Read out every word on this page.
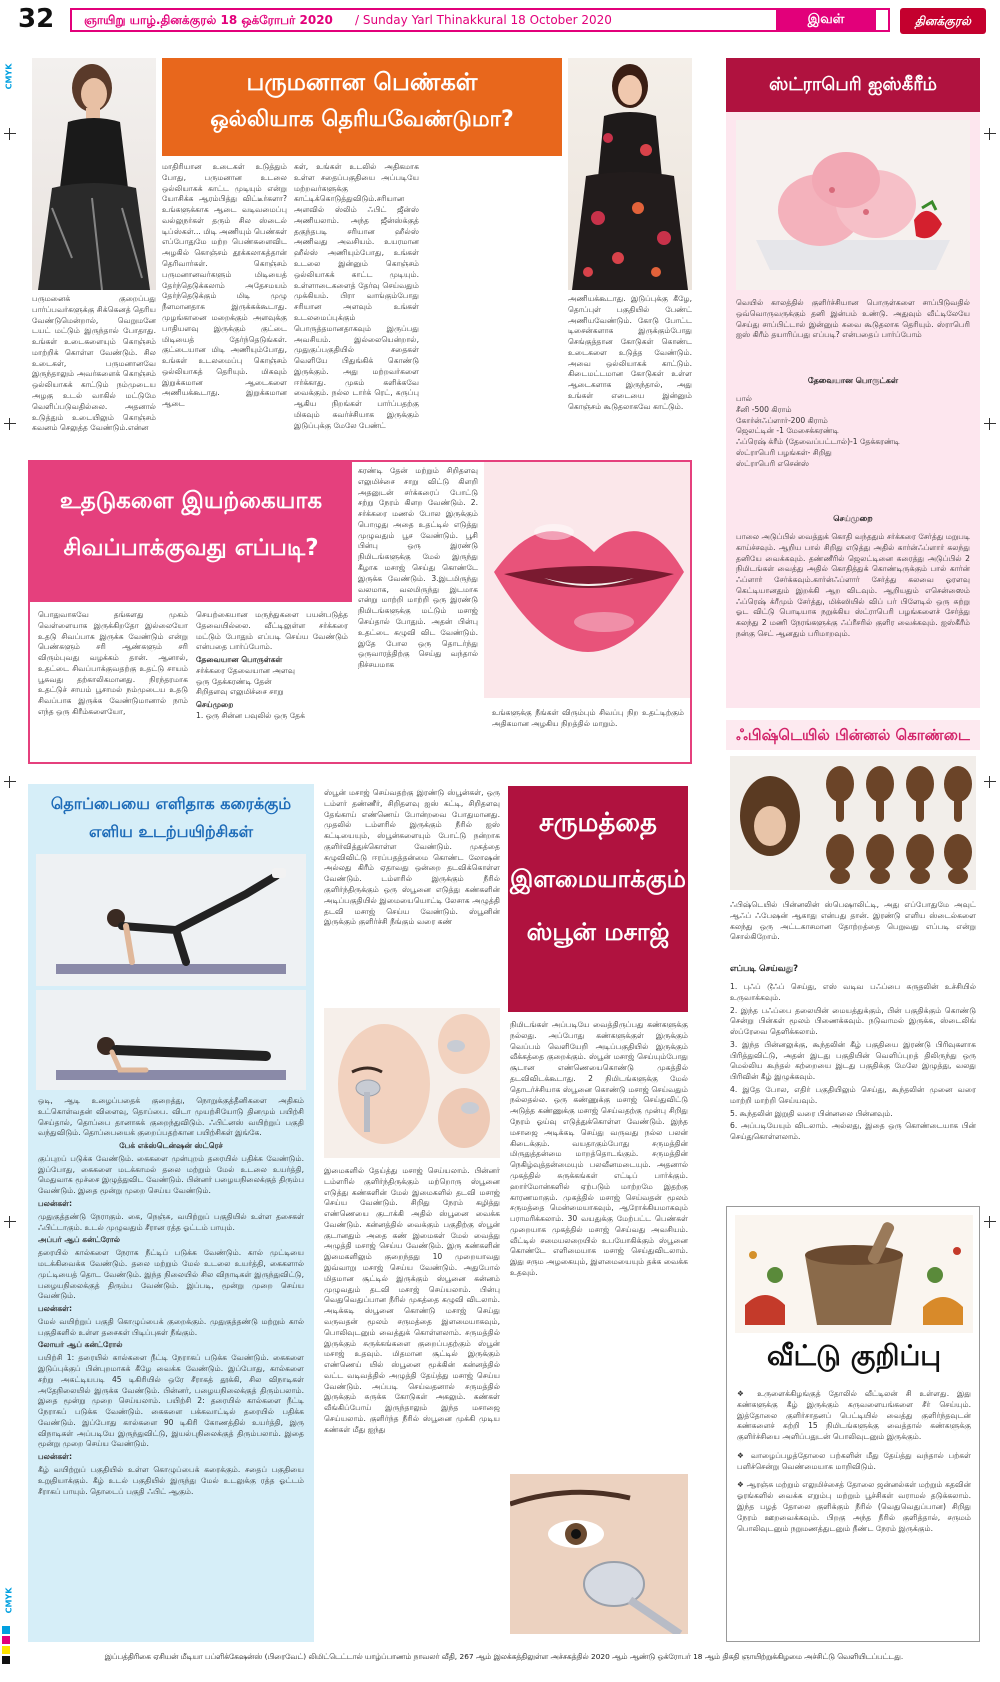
32 ஞாயிறு யாழ்.தினக்குரல் 18 ஒக்ரோபர் 2020 / Sunday Yarl Thinakkural 18 October 2020	இவள்	தினக்குரல்
CMYK
CMYK
பருமனான பெண்கள்
ஒல்லியாக தெரியவேண்டுமா?
பருமனைக் குறைப்பது பார்ப்பவர்களுக்கு சிக்கெனத் தெரிய வேண்டுமென்றால், வெறுமனே டயட் மட்டும் இருந்தால் போதாது. உங்கள் உடைகளையும் கொஞ்சம் மாற்றிக் கொள்ள வேண்டும். சில உடைகள், பருமனானவே இருந்தாலும் அவர்களைக் கொஞ்சம் ஒல்லியாகக் காட்டும் நம்முடைய அழகு உடல் வாகில் மட்டுமே வெளிப்படுவதில்லை. அதனால் உடுத்தும் உடையிலும் கொஞ்சம் கவனம் செலுத்த வேண்டும்.என்ன
மாதிரியான உடைகள் உடுத்தும் போது, பருமனான உடலை ஒல்லியாகக் காட்ட முடியும் என்று யோசிக்க ஆரம்பித்து விட்டீர்களா? உங்களுக்காக ஆடை வடிவமைப்பு வல்லுநர்கள் தரும் சில ஸ்டைல் டிப்ஸ்கள்... மிடி அணியும் பெண்கள் எப்போதுமே மற்ற பெண்களைவிட அழகில் கொஞ்சம் தூக்கலாகத்தான் தெரிவார்கள். கொஞ்சம் பருமனானவர்களும் மிடியைத் தேர்ந்தெடுக்கலாம் அதேசமயம் தேர்ந்தெடுக்கும் மிடி முழு நீளமானதாக இருக்கக்கூடாது. முழங்கானை மறைக்கும் அளவுக்கு பாதியளவு இருக்கும் குட்டை மிடியைத் தேர்ந்தெடுங்கள். குட்டையான மிடி அணியும்போது, உங்கள் உடலமைப்பு கொஞ்சம் ஒல்லியாகத் தெரியும். மிகவும் இறுக்கமான ஆடைகளை அணியக்கூடாது. இறுக்கமான ஆடை
கள், உங்கள் உடலில் அதிகமாக உள்ள சதைப்பகுதியை அப்படியே மற்றவர்களுக்கு காட்டிக்கொடுத்துவிடும்.சரியான அளவில் ஸ்லிம் ஃபிட் ஜீன்ஸ் அணியலாம். அந்த ஜீன்ஸ்க்குத் தகுந்தபடி சரியான ஹீல்ஸ் அணிவது அவசியம். உயரமான ஹீல்ஸ் அணியும்போது, உங்கள் உடலை இன்னும் கொஞ்சம் ஒல்லியாகக் காட்ட முடியும். உள்ளாடைகளைத் தேர்வு செய்வதும் முக்கியம். பிரா வாங்கும்போது சரியான அளவும் உங்கள் உடலமைப்புக்கும் பொருத்தமானதாகவும் இருப்பது அவசியம். இல்லையென்றால், முதுகுப்பகுதியில் சதைகள் வெளியே பிதுங்கிக் கொண்டு இருக்கும். அது மற்றவர்களை ஈர்க்காது. முகம் களிக்கவே வைக்கும். நல்ல டார்க் ரெட், கருப்பு ஆகிய நிறங்கள் பார்ப்பதற்கு மிகவும் கவர்ச்சியாக இருக்கும் இடுப்புக்கு மேலே பேண்ட்
அணியக்கூடாது. இடுப்புக்கு கீழே, தொப்புள் பகுதியில் பேண்ட் அணியவேண்டும். கோடு போட்ட டிசைன்களாக இருக்கும்போது செங்குத்தான கோடுகள் கொண்ட உடைகளை உடுத்த வேண்டும். அவை ஒல்லியாகக் காட்டும். கிடைமட்டமான கோடுகள் உள்ள ஆடைகளாக இருந்தால், அது உங்கள் எடையை இன்னும் கொஞ்சம் கூடுதலாகவே காட்டும்.
ஸ்ட்ராபெரி ஐஸ்கீரீம்
வெயில் காலத்தில் குளிர்ச்சியான பொருள்களை சாப்பிடுவதில் ஒவ்வொருவருக்கும் தனி இன்பம் உண்டு. அதுவும் வீட்டிலேயே செய்து சாப்பிட்டால் இன்னும் சுவை கூடுதலாக தெரியும். ஸ்ராபெரி ஐஸ் கிரீம் தயாரிப்பது எப்படி? என்பதைப் பார்ப்போம்
தேவையான பொருட்கள்
பால்
சீனி -500 கிராம்
கோர்ன்ஃப்ளார்-200 கிராம்
ஜெலட்டின் -1 மேசைக்கரண்டி
ஃப்ரெஷ் க்ரீம் (தேவைப்பட்டால்)-1 தேக்கரண்டி
ஸ்ட்ராபெரி பழங்கள்- சிறிது
ஸ்ட்ராபெரி எசென்ஸ்
செய்முறை
பாலை அடுப்பில் வைத்துக் கொதி வந்ததும் சர்க்கரை சேர்த்து மறுபடி காய்ச்சவும். ஆறிய பால் சிறிது எடுத்து அதில் கார்ன்ஃப்ளார் கலந்து தனியே வைக்கவும். தண்ணீரில் ஜெலட்டினை கரைத்து அடுப்பில் 2 நிமிடங்கள் வைத்து அதில் கொதித்துக் கொண்டிருக்கும் பால் கார்ன் ஃப்ளார் சேர்க்கவும்.கார்ன்ஃப்ளார் சேர்த்து கலவை ஓரளவு கெட்டியானதும் இறக்கி ஆற விடவும். ஆறியதும் எசென்ஸைம் ஃப்ரெஷ் க்ரீமும் சேர்த்து, மிக்ஸியில் விப் பர் பிளேடில் ஒரு சுற்று ஓட விட்டு பொடியாக நறுக்கிய ஸ்ட்ராபெரி பழங்களைச் சேர்த்து கலந்து 2 மணி நேரங்களுக்கு ஃப்ரீசரில் குளிர வைக்கவும். ஐஸ்கீரீம் நன்கு செட் ஆனதும் பரிமாறவும்.
உதடுகளை இயற்கையாக
சிவப்பாக்குவது எப்படி?
பொதுவாகவே தங்களது முகம் வெள்ளையாக இருக்கிறதோ இல்லையோ உதடு சிவப்பாக இருக்க வேண்டும் என்று பெண்களும் சரி ஆண்களும் சரி விரும்புவது வழக்கம் தான். ஆனால், உதட்டை சிவப்பாக்குவதற்கு உதட்டு சாயம் பூசுவது தற்காலிகமானது. நிரந்தரமாக உதட்டுச் சாயம் பூசாமல் நம்முடைய உதடு சிவப்பாக இருக்க வேண்டுமானால் நாம் எந்த ஒரு கிரீம்களையோ,
செயற்கையான மருந்துகளை பயன்படுத்த தேவையில்லை. வீட்டிலுள்ள சர்க்கரை மட்டும் போதும் எப்படி செய்ய வேண்டும் என்பதை பார்ப்போம்.
தேவையான பொருள்கள்
சர்க்கரை தேவையான அளவு
ஒரு தேக்கரண்டி தேன்
சிறிதளவு எலுமிச்சை சாறு
செய்முறை
1. ஒரு சின்ன பவுலில் ஒரு தேக்
கரண்டி தேன் மற்றும் சிறிதளவு எலுமிச்சை சாறு விட்டு கிளறி அதனுடன் சர்க்கரைப் போட்டு சற்று நேரம் கிளற வேண்டும். 2. சர்க்கரை மணல் போல இருக்கும் பொழுது அதை உதட்டில் எடுத்து முழுவதும் பூச வேண்டும். பூசி பின்பு ஒரு இரண்டு நிமிடங்களுக்கு மேல் இருந்து கீழாக மசாஜ் செய்து கொண்டே இருக்க வேண்டும். 3.இடமிருந்து வலமாக, வலமிருந்து இடமாக என்று மாற்றி மாற்றி ஒரு இரண்டு நிமிடங்களுக்கு மட்டும் மசாஜ் செய்தால் போதும். அதன் பின்பு உதட்டை கழுவி விட வேண்டும். இதே போல ஒரு தொடர்ந்து ஒருவாரத்திற்கு செய்து வந்தால் நிச்சயமாக
உங்களுக்கு நீங்கள் விரும்பும் சிவப்பு நிற உதட்டிற்கும் அதிகமான அழகிய நிறத்தில் மாறும்.
ஃபிஷ்டெயில் பின்னல் கொண்டை
ஃபிஷ்டெயில் பின்னலின் ஸ்பெஷாலிட்டி, அது எப்போதுமே அவுட் ஆஃப் ஃபேஷன் ஆகாது என்பது தான். இரண்டு எளிய ஸ்டைல்களை கலந்து ஒரு அட்டகாசமான தோற்றத்தை பெறுவது எப்படி என்று சொல்கிறோம்.
எப்படி செய்வது?

1. புஃப் டூஃப் செய்து, எஸ் வடிவ பஃப்பை சுருதலின் உச்சியில் உருவாக்கவும்.

2. இந்த பஃப்பை தலையின் மையத்துக்கும், பின் பகுதிக்கும் கொண்டு சென்று பின்கள் மூலம் பிணைக்கவும். நடுவாமல் இருக்க, ஸ்டைலிங் ஸ்ப்ரேவை தெளிக்கலாம்.

3. இந்த பின்னலுக்கு, கூந்தலின் கீழ் பகுதியை இரண்டு பிரிவுகளாக பிரித்துவிட்டு, அதன் இடது பகுதியின் வெளிப்புறத் திலிருந்து ஒரு மெல்லிய கூந்தல் கற்றையை இடது பகுதிக்கு மேலே இழுத்து, வலது பிரிவின் கீழ் இழுக்கவும்.

4. இதே போல, எதிர் பகுதியிலும் செய்து, கூந்தலின் முனை வரை மாற்றி மாற்றி செய்யவும்.

5. கூந்தலின் இறுதி வரை பின்னலை பின்னவும்.

6. அப்படியேயும் விடலாம். அல்லது, இதை ஒரு கொண்டையாக பின் செய்துகொள்ளலாம்.

தொப்பையை எளிதாக கரைக்கும்
எளிய உடற்பயிற்சிகள்

ஒடி, ஆடி உழைப்பதைக் குறைத்து, நொறுக்குத்தீனிகளை அதிகம் உட்கொள்வதன் விளைவு, தொப்பை. விடா முயற்சியோடு தினமும் பயிற்சி செய்தால், தொப்பை தானாகக் குறைந்துவிடும். ஃபிட்னஸ் வயிற்றுப் பகுதி வந்துவிடும். தொப்பையைக் குறைப்பதற்கான பயிற்சிகள் இங்கே.

பேக் எக்ஸ்டென்ஷன் ஸ்ட்ரெச்

குப்புறப் படுக்க வேண்டும். கைகளை முன்புறம் தரையில் பதிக்க வேண்டும். இப்போது, கைகளை மடக்காமல் தலை மற்றும் மேல் உடலை உயர்த்தி, மெதுவாக மூச்சை இழுத்துவிட வேண்டும். பின்னர் பழையநிலைக்குத் திரும்ப வேண்டும். இதை மூன்று முறை செய்ய வேண்டும்.

பலன்கள்:

முதுகுத்தண்டு நேராகும். கை, நெஞ்சு, வயிற்றுப் பகுதியில் உள்ள தசைகள் ஃபிட்டாகும். உடல் முழுவதும் சீரான ரத்த ஓட்டம் பாயும்.

அப்பர் ஆப் கன்ட்ரோல்

தரையில் கால்களை நேராக நீட்டிப் படுக்க வேண்டும். கால் முட்டியை மடக்கிவைக்க வேண்டும். தலை மற்றும் மேல் உடலை உயர்த்தி, கைகளால் முட்டியைத் தொட வேண்டும். இந்த நிலையில் சில விநாடிகள் இருந்துவிட்டு, பழையநிலைக்குத் திரும்ப வேண்டும். இப்படி, மூன்று முறை செய்ய வேண்டும்.

பலன்கள்:

மேல் வயிற்றுப் பகுதி கொழுப்பைக் குறைக்கும். முதுகுத்தண்டு மற்றும் கால் பகுதிகளில் உள்ள தசைகள் பிடிப்புகள் நீங்கும்.

லோயர் ஆப் கன்ட்ரோல்

பயிற்சி 1: தரையில் கால்களை நீட்டி நேராகப் படுக்க வேண்டும். கைகளை இடுப்புக்குப் பின்புறமாகக் கீழே வைக்க வேண்டும். இப்போது, கால்களை சற்று அகட்டியபடி 45 டிகிரியில் ஒரே சீராகத் தூக்கி, சில விநாடிகள் அதேநிலையில் இருக்க வேண்டும். பின்னர், பழையநிலைக்குத் திரும்பலாம். இதை மூன்று முறை செய்யலாம். பயிற்சி 2: தரையில் கால்களை நீட்டி நேராகப் படுக்க வேண்டும். கைகளை பக்கவாட்டில் தரையில் பதிக்க வேண்டும். இப்போது கால்களை 90 டிகிரி கோணத்தில் உயர்த்தி, இரு விநாடிகள் அப்படியே இருந்துவிட்டு, இயல்புநிலைக்குத் திரும்பலாம். இதை மூன்று முறை செய்ய வேண்டும்.

பலன்கள்:

கீழ் வயிற்றுப் பகுதியில் உள்ள கொழுப்பைக் கரைக்கும். சதைப் பகுதியை உறுதியாக்கும். கீழ் உடல் பகுதியில் இருந்து மேல் உடலுக்கு ரத்த ஓட்டம் சீராகப் பாயும். தொடைப் பகுதி ஃபிட் ஆகும்.

ஸ்பூன் மசாஜ் செய்வதற்கு இரண்டு ஸ்பூன்கள், ஒரு டம்ளர் தண்ணீர், சிறிதளவு ஐஸ் கட்டி, சிறிதளவு தேங்காய் எண்ணெய் போன்றவை போதுமானது. முதலில் டம்ளரில் இருக்கும் நீரில் ஐஸ் கட்டியையும், ஸ்பூன்களையும் போட்டு நன்றாக குளிர்வித்துக்கொள்ள வேண்டும். முகத்தை கழுவிவிட்டு ஈரப்பதத்தன்மை கொண்ட லோஷன் அல்லது கிரீம் ஏதாவது ஒன்றை தடவிக்கொள்ள வேண்டும். டம்ளரில் இருக்கும் நீரில் குளிர்ந்திருக்கும் ஒரு ஸ்பூனை எடுத்து கண்களின் அடிப்பகுதியில் இமையையொட்டி லேசாக அழுத்தி தடவி மசாஜ் செய்ய வேண்டும். ஸ்பூனின் இருக்கும் குளிர்ச்சி நீங்கும் வரை கண்
சருமத்தை
இளமையாக்கும்
ஸ்பூன் மசாஜ்
இமைகளில் தேய்த்து மசாஜ் செய்யலாம். பின்னர் டம்ளரில் குளிர்ந்திருக்கும் மற்றொரு ஸ்பூனை எடுத்து கண்களின் மேல் இமைகளில் தடவி மசாஜ் செய்ய வேண்டும். சிறிது நேரம் கழித்து எண்ணெயை குடாக்கி அதில் ஸ்பூனை வைக்க வேண்டும். கன்னத்தில் வைக்கும் பகுதிற்கு ஸ்பூன் குடானதும் அதை கண் இமைகள் மேல் வைத்து அழுத்தி மசாஜ் செய்ய வேண்டும். இரு கண்களின் இமைகளிலும் குறைந்தது 10 முறையாவது இவ்வாறு மசாஜ் செய்ய வேண்டும். அதுபோல் மிதமான சூட்டில் இருக்கும் ஸ்பூனை கன்னம் முழுவதும் தடவி மசாஜ் செய்யலாம். பின்பு வெதுவெதுப்பான நீரில் முகத்தை கழுவி விடலாம். அடிக்கடி ஸ்பூனை கொண்டு மசாஜ் செய்து வருவதன் மூலம் சருமத்தை இளமையாகவும், பொலிவுடனும் வைத்துக் கொள்ளலாம். சருமத்தில் இருக்கும் சுருக்கங்களை குறைப்பதற்கும் ஸ்பூன் மசாஜ் உதவும். மிதமான சூட்டில் இருக்கும் எண்ணெய் யில் ஸ்பூனை மூக்கின் கன்னத்தில் வட்ட வடிவத்தில் அழுத்தி தேய்த்து மசாஜ் செய்ய வேண்டும். அப்படி செய்வதனால் சருமத்தில் இருக்கும் சுருக்க கோடுகள் அகலும். கண்கள் வீங்கிப்போய் இருந்தாலும் இந்த மசாஜை செய்யலாம். குளிர்ந்த நீரில் ஸ்பூனை முக்கி முடிய கண்கள் மீது ஐந்து
நிமிடங்கள் அப்படியே வைத்திருப்பது கண்களுக்கு நல்லது. அப்போது கண்களுக்குள் இருக்கும் வெப்பம் வெளியேறி அடிப்பகுதியில் இருக்கும் வீக்கத்தை குறைக்கும். ஸ்பூன் மசாஜ் செய்யும்போது சூடான எண்ணெயைகொண்டு முகத்தில் தடவிவிடக்கூடாது. 2 நிமிடங்களுக்கு மேல் தொடர்ச்சியாக ஸ்பூனை கொண்டு மசாஜ் செய்வதும் நல்லதல்ல. ஒரு கண்ணுக்கு மசாஜ் செய்துவிட்டு அடுத்த கண்ணுக்கு மசாஜ் செய்வதற்கு முன்பு சிறிது நேரம் ஓய்வு எடுத்துக்கொள்ள வேண்டும். இந்த மசாஜை அடிக்கடி செய்து வருவது நல்ல பலன் கிடைக்கும். வயதாகும்போது சருமத்தின் மிருதுத்தன்மை மாறத்தொடங்கும். சருமத்தின் நெகிழ்வுத்தன்மையும் பலவீனமடையும். அதனால் முகத்தில் சுருக்கங்கள் எட்டிப் பார்க்கும். ஹார்மோன்களில் ஏற்படும் மாற்றமே இதற்கு காரணமாகும். முகத்தில் மசாஜ் செய்வதன் மூலம் சருமத்தை மென்மையாகவும், ஆரோக்கியமாகவும் பராமரிக்கலாம். 30 வயதுக்கு மேற்பட்ட பெண்கள் முறையாக முகத்தில் மசாஜ் செய்வது அவசியம். வீட்டில் சமையலறையில் உபயோகிக்கும் ஸ்பூனை கொண்டே எளிமையாக மசாஜ் செய்துவிடலாம். இது சரும அழகையும், இளமையையும் தக்க வைக்க உதவும்.
வீட்டு குறிப்பு

❖ உருளைக்கிழங்குத் தோலில் வீட்டிலன் சி உள்ளது. இது கண்களுக்கு கீழ் இருக்கும் கருவளையங்களை சீர் செய்யும். இத்தோலை குளிர்சாதனப் பெட்டியில் வைத்து குளிர்ந்தவுடன் கண்களைச் சுற்றி 15 நிமிடங்களுக்கு வைத்தால் கண்களுக்கு குளிர்ச்சியை அளிப்பதுடன் பொலிவுடனும் இருக்கும்.

❖ வாழைப்பழத்தோலை பற்களின் மீது தேய்த்து வந்தால் பற்கள் பளிச்சென்று வெண்மையாக மாறிவிடும்.

❖ ஆரஞ்சு மற்றும் எலுமிச்சைத் தோலை ஜன்னல்கள் மற்றும் கதவின் ஓரங்களில் வைக்க எறும்பு மற்றும் பூச்சிகள் வராமல் தடுக்கலாம். இந்த பழத் தோலை குளிக்கும் நீரில் (வெதுவெதுப்பான) சிறிது நேரம் ஊறவைக்கவும். பிறகு அந்த நீரில் குளித்தால், சருமம் பொலிவுடனும் நறுமணத்துடனும் நீண்ட நேரம் இருக்கும்.

இப்பத்திரிகை ஏசியன் மீடியா பப்ளிக்கேஷன்ஸ் (பிரைவேட்) லிமிட்டெட்டால் யாழ்ப்பாணம் நாவலர் வீதி, 267 ஆம் இலக்கத்திலுள்ள அச்சகத்தில் 2020 ஆம் ஆண்டு ஒக்ரோபர் 18 ஆம் திகதி ஞாயிற்றுக்கிழமை அச்சிட்டு வெளியிடப்பட்டது.
